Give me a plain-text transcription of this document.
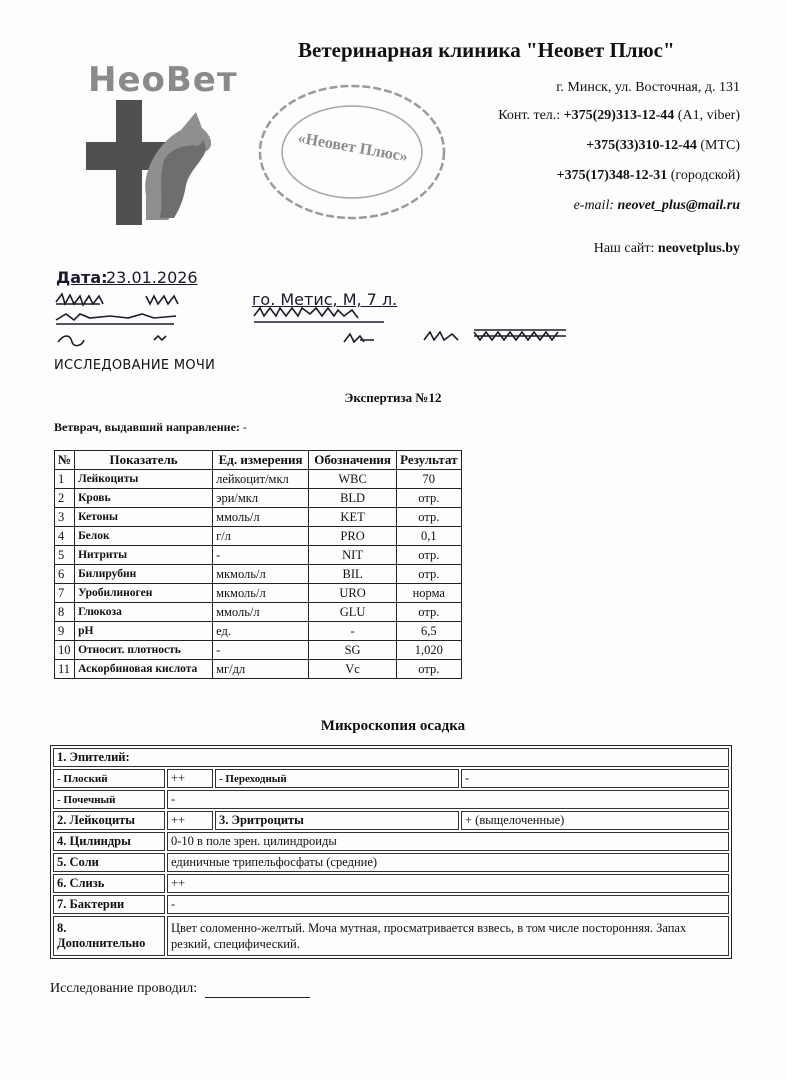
НеоВет
«Неовет Плюс»
Ветеринарная клиника "Неовет Плюс"
г. Минск, ул. Восточная, д. 131
Конт. тел.: +375(29)313-12-44 (А1, viber)
+375(33)310-12-44 (МТС)
+375(17)348-12-31 (городской)
e-mail: neovet_plus@mail.ru
Наш сайт: neovetplus.by
Дата:
23.01.2026
го. Метис, М, 7 л.
ИССЛЕДОВАНИЕ МОЧИ
Экспертиза №12
Ветврач, выдавший направление: -
№	Показатель	Ед. измерения	Обозначения	Результат
1	Лейкоциты	лейкоцит/мкл	WBC	70
2	Кровь	эри/мкл	BLD	отр.
3	Кетоны	ммоль/л	KET	отр.
4	Белок	г/л	PRO	0,1
5	Нитриты	-	NIT	отр.
6	Билирубин	мкмоль/л	BIL	отр.
7	Уробилиноген	мкмоль/л	URO	норма
8	Глюкоза	ммоль/л	GLU	отр.
9	pH	ед.	-	6,5
10	Относит. плотность	-	SG	1,020
11	Аскорбиновая кислота	мг/дл	Vc	отр.
Микроскопия осадка
1. Эпителий:			
- Плоский	++	- Переходный	-
- Почечный	-		
2. Лейкоциты	++	3. Эритроциты	+ (выщелоченные)
4. Цилиндры	0-10 в поле зрен. цилиндроиды		
5. Соли	единичные трипельфосфаты (средние)		
6. Слизь	++		
7. Бактерии	-		
8.
Дополнительно	Цвет соломенно-желтый. Моча мутная, просматривается взвесь, в том числе посторонняя. Запах резкий, специфический.		
Исследование проводил:
